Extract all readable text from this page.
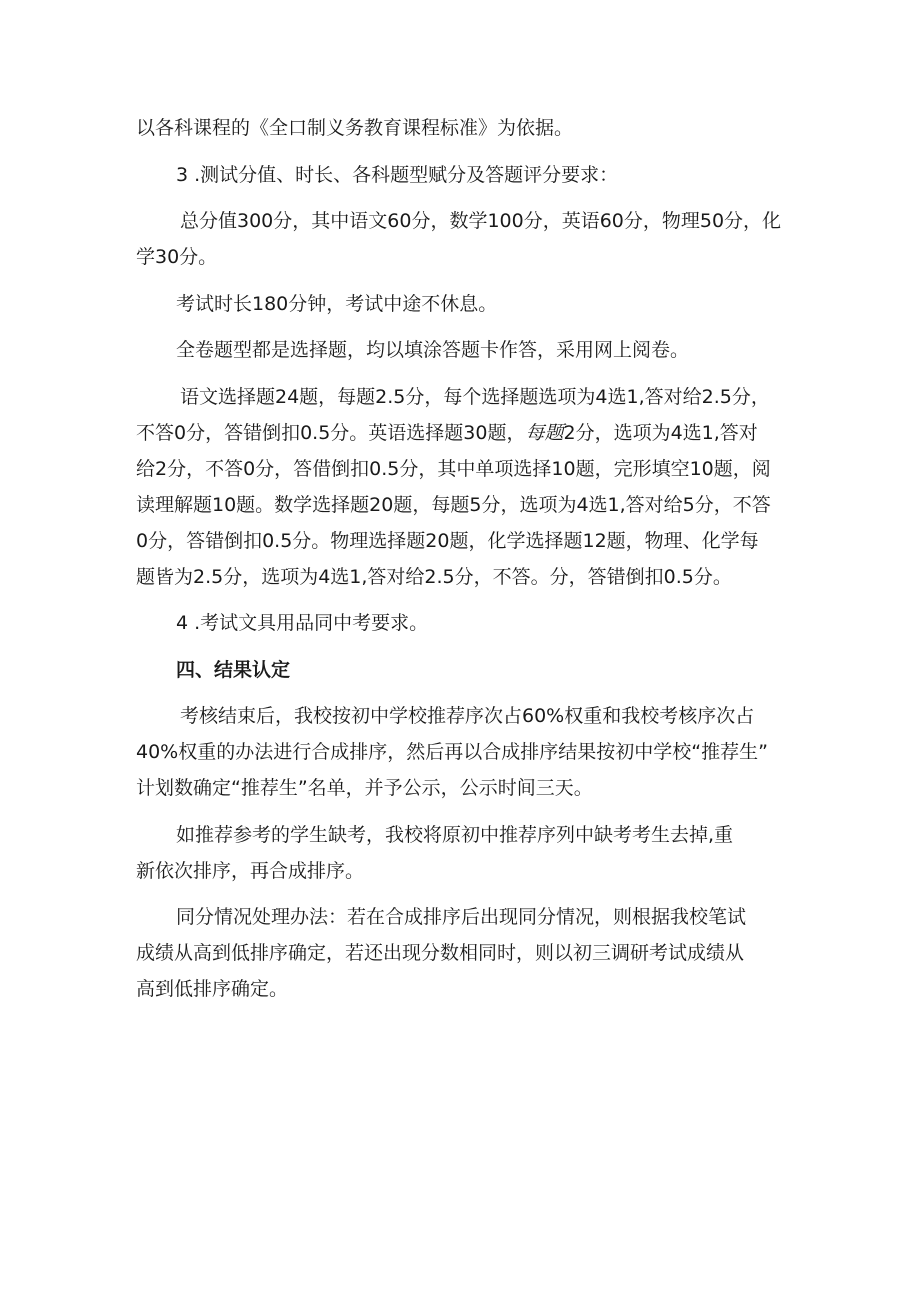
以各科课程的《全口制义务教育课程标准》为依据。
3 .测试分值、时长、各科题型赋分及答题评分要求：
总分值300分，其中语文60分，数学100分，英语60分，物理50分，化
学30分。
考试时长180分钟，考试中途不休息。
全卷题型都是选择题，均以填涂答题卡作答，采用网上阅卷。
语文选择题24题，每题2.5分，每个选择题选项为4选1,答对给2.5分，
不答0分，答错倒扣0.5分。英语选择题30题，每题2分，选项为4选1,答对
给2分，不答0分，答借倒扣0.5分，其中单项选择10题，完形填空10题，阅
读理解题10题。数学选择题20题，每题5分，选项为4选1,答对给5分，不答
0分，答错倒扣0.5分。物理选择题20题，化学选择题12题，物理、化学每
题皆为2.5分，选项为4选1,答对给2.5分，不答。分，答错倒扣0.5分。
4 .考试文具用品同中考要求。
四、结果认定
考核结束后，我校按初中学校推荐序次占60%权重和我校考核序次占
40%权重的办法进行合成排序，然后再以合成排序结果按初中学校“推荐生”
计划数确定“推荐生”名单，并予公示，公示时间三天。
如推荐参考的学生缺考，我校将原初中推荐序列中缺考考生去掉,重
新依次排序，再合成排序。
同分情况处理办法：若在合成排序后出现同分情况，则根据我校笔试
成绩从高到低排序确定，若还出现分数相同时，则以初三调研考试成绩从
高到低排序确定。
